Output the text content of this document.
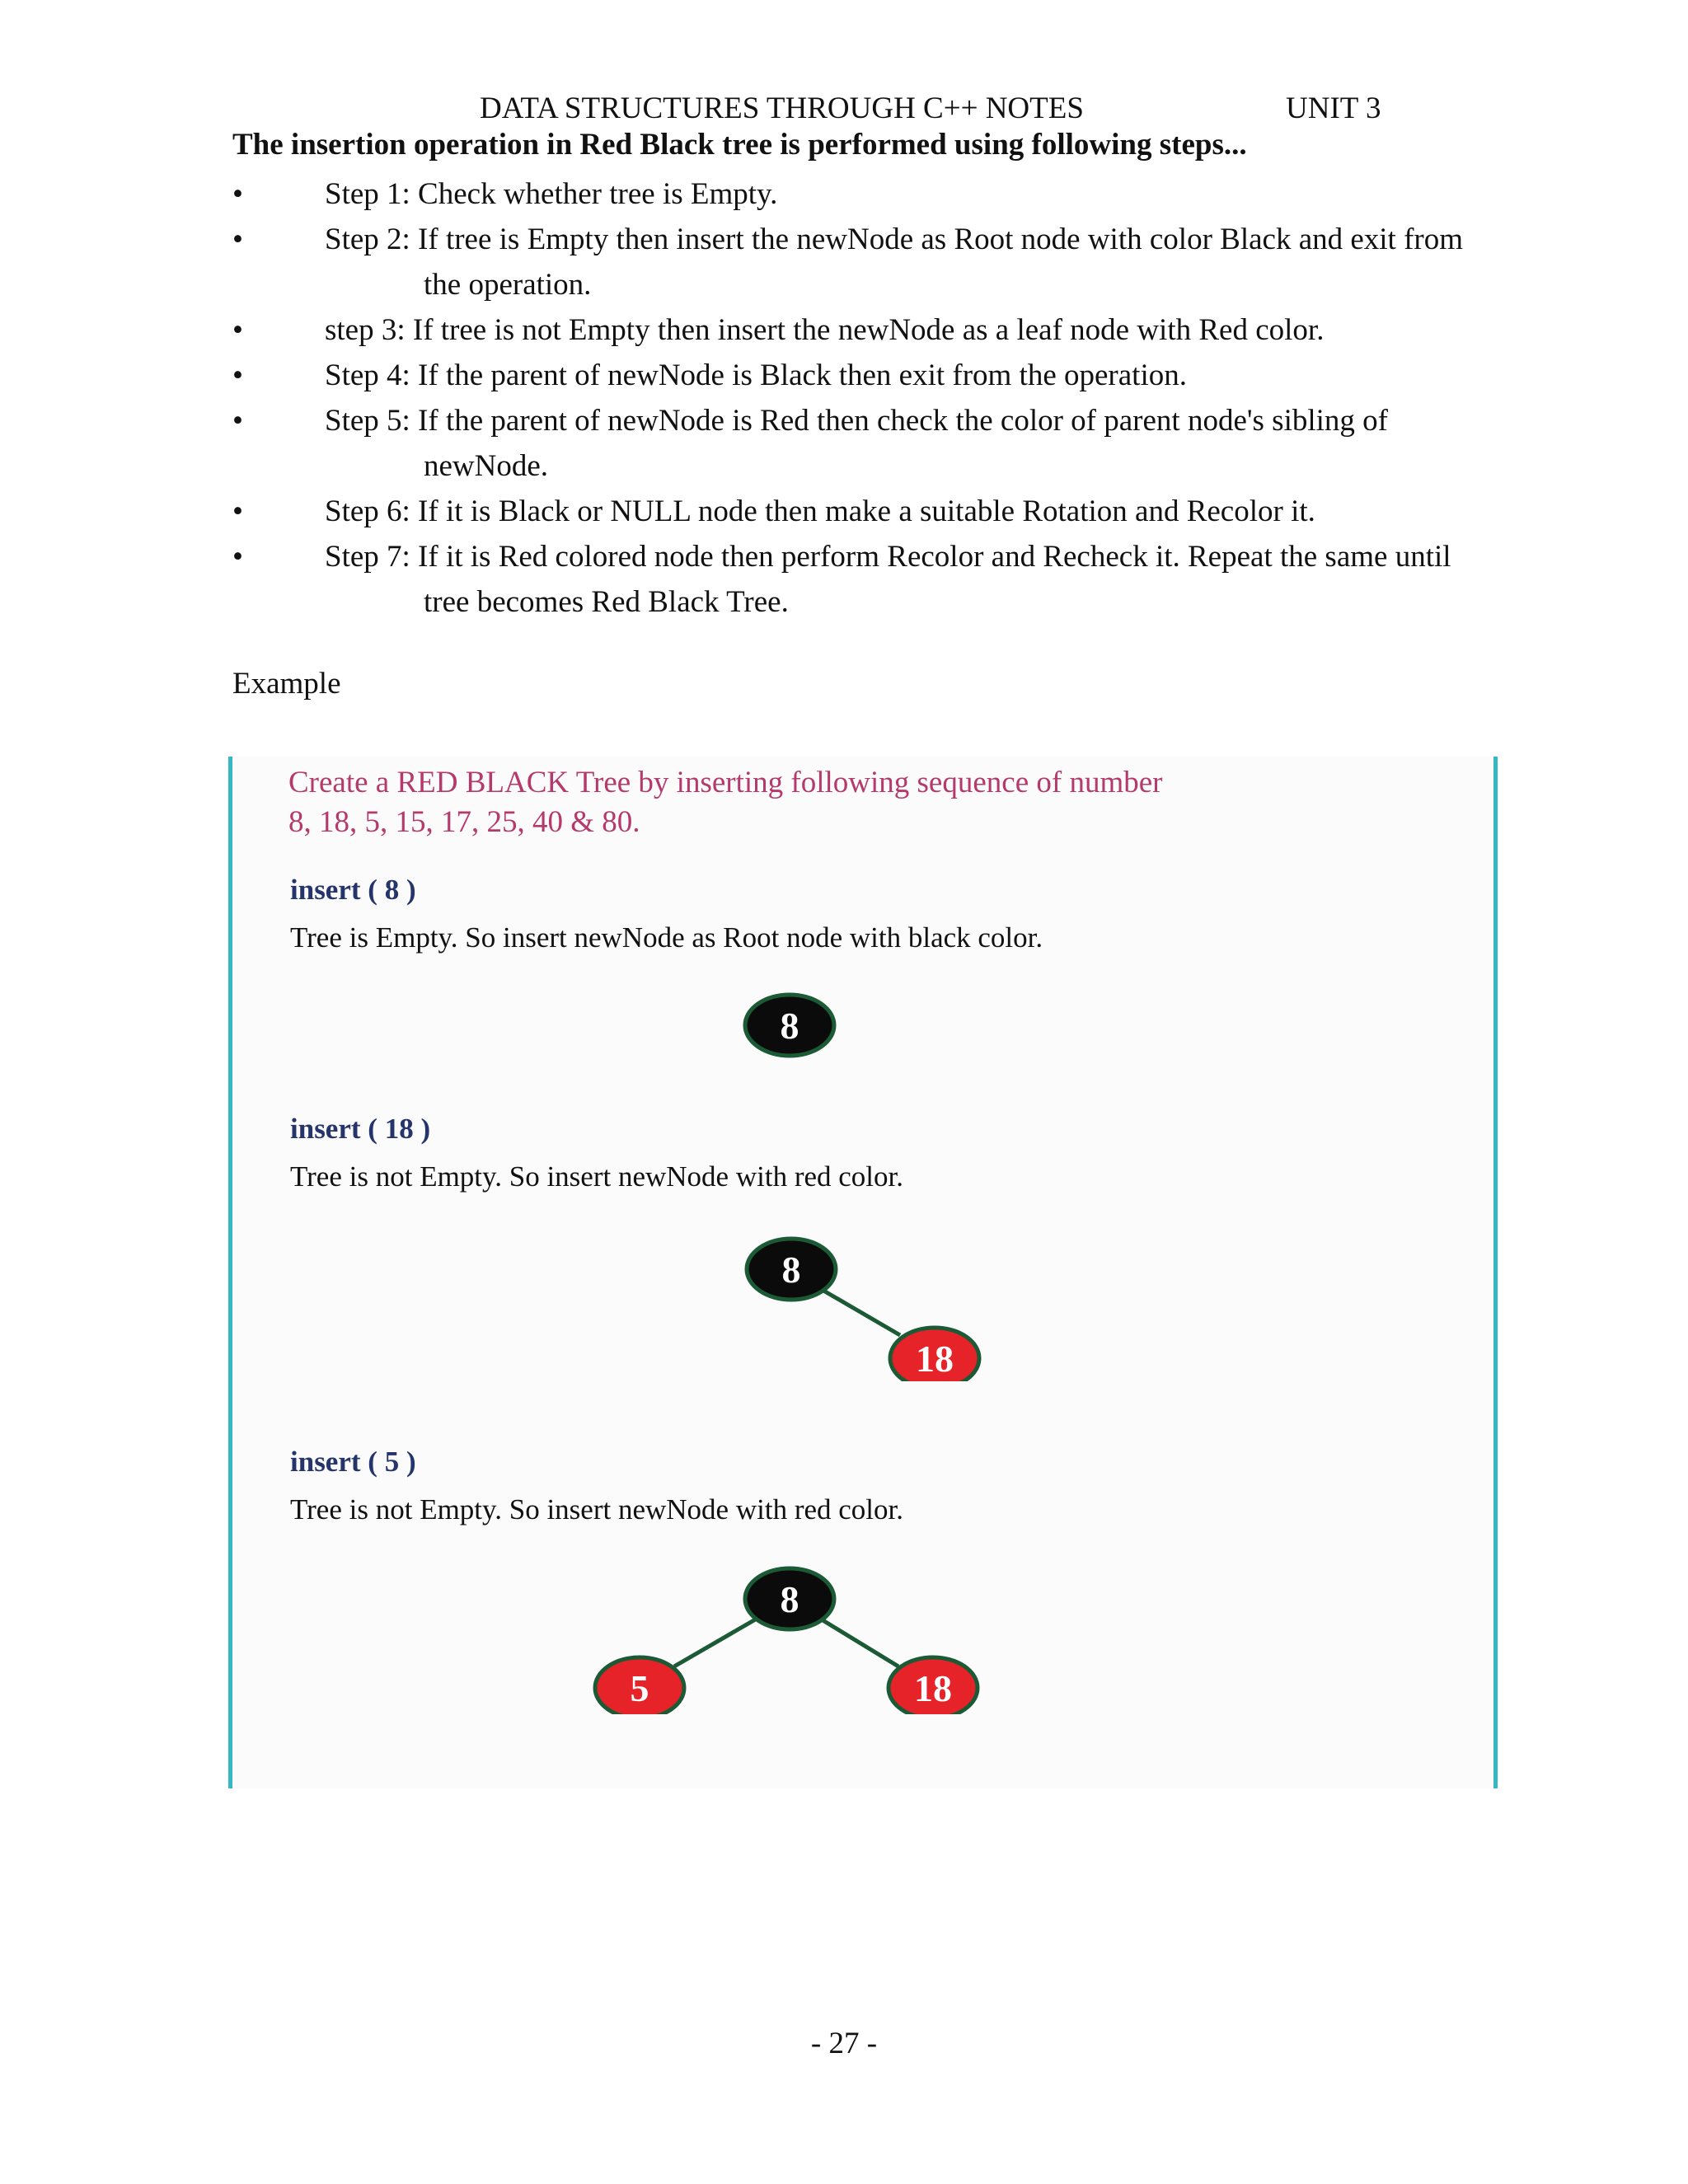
DATA STRUCTURES THROUGH C++ NOTES	UNIT 3
The insertion operation in Red Black tree is performed using following steps...
•	Step 1: Check whether tree is Empty.
•	Step 2: If tree is Empty then insert the newNode as Root node with color Black and exit from
the operation.
•	step 3: If tree is not Empty then insert the newNode as a leaf node with Red color.
•	Step 4: If the parent of newNode is Black then exit from the operation.
•	Step 5: If the parent of newNode is Red then check the color of parent node's sibling of
newNode.
•	Step 6: If it is Black or NULL node then make a suitable Rotation and Recolor it.
•	Step 7: If it is Red colored node then perform Recolor and Recheck it. Repeat the same until
tree becomes Red Black Tree.
Example
Create a RED BLACK Tree by inserting following sequence of number
8, 18, 5, 15, 17, 25, 40 & 80.
insert ( 8 )
Tree is Empty. So insert newNode as Root node with black color.
8
insert ( 18 )
Tree is not Empty. So insert newNode with red color.
8
18
insert ( 5 )
Tree is not Empty. So insert newNode with red color.
8
5	18
- 27 -
